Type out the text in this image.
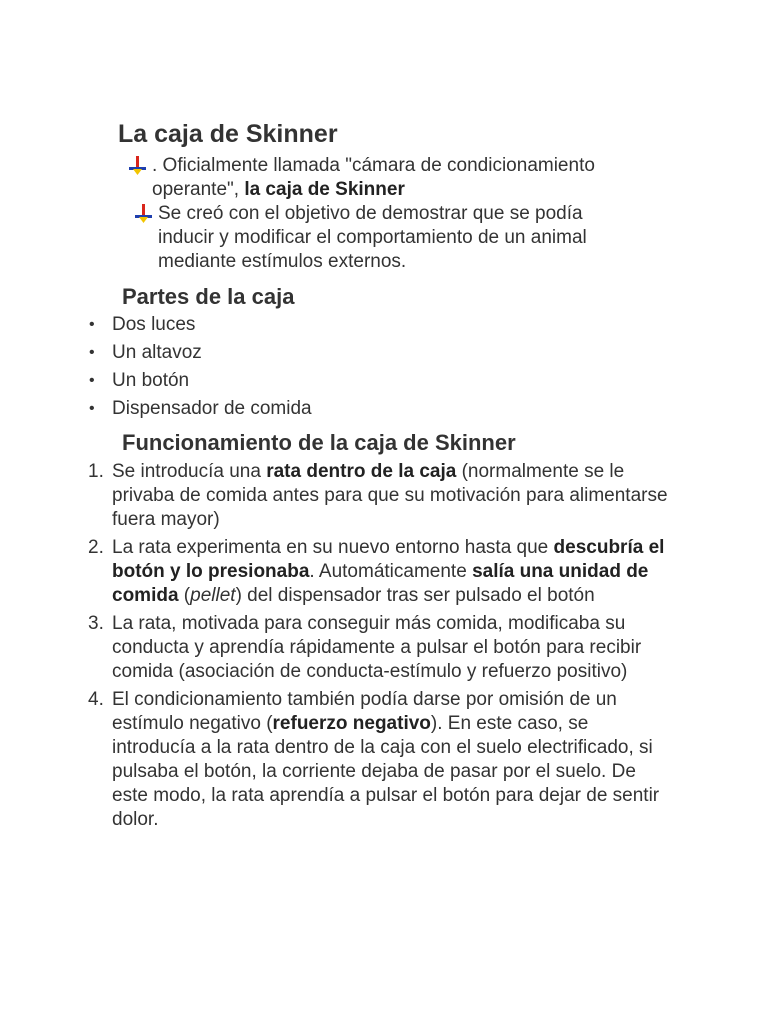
La caja de Skinner
. Oficialmente llamada "cámara de condicionamiento
operante", la caja de Skinner
Se creó con el objetivo de demostrar que se podía
inducir y modificar el comportamiento de un animal
mediante estímulos externos.
Partes de la caja
• Dos luces
• Un altavoz
• Un botón
• Dispensador de comida
Funcionamiento de la caja de Skinner
1. Se introducía una rata dentro de la caja (normalmente se le privaba de comida antes para que su motivación para alimentarse fuera mayor)
2. La rata experimenta en su nuevo entorno hasta que descubría el botón y lo presionaba. Automáticamente salía una unidad de comida (pellet) del dispensador tras ser pulsado el botón
3. La rata, motivada para conseguir más comida, modificaba su conducta y aprendía rápidamente a pulsar el botón para recibir comida (asociación de conducta-estímulo y refuerzo positivo)
4. El condicionamiento también podía darse por omisión de un estímulo negativo (refuerzo negativo). En este caso, se introducía a la rata dentro de la caja con el suelo electrificado, si pulsaba el botón, la corriente dejaba de pasar por el suelo. De este modo, la rata aprendía a pulsar el botón para dejar de sentir dolor.
